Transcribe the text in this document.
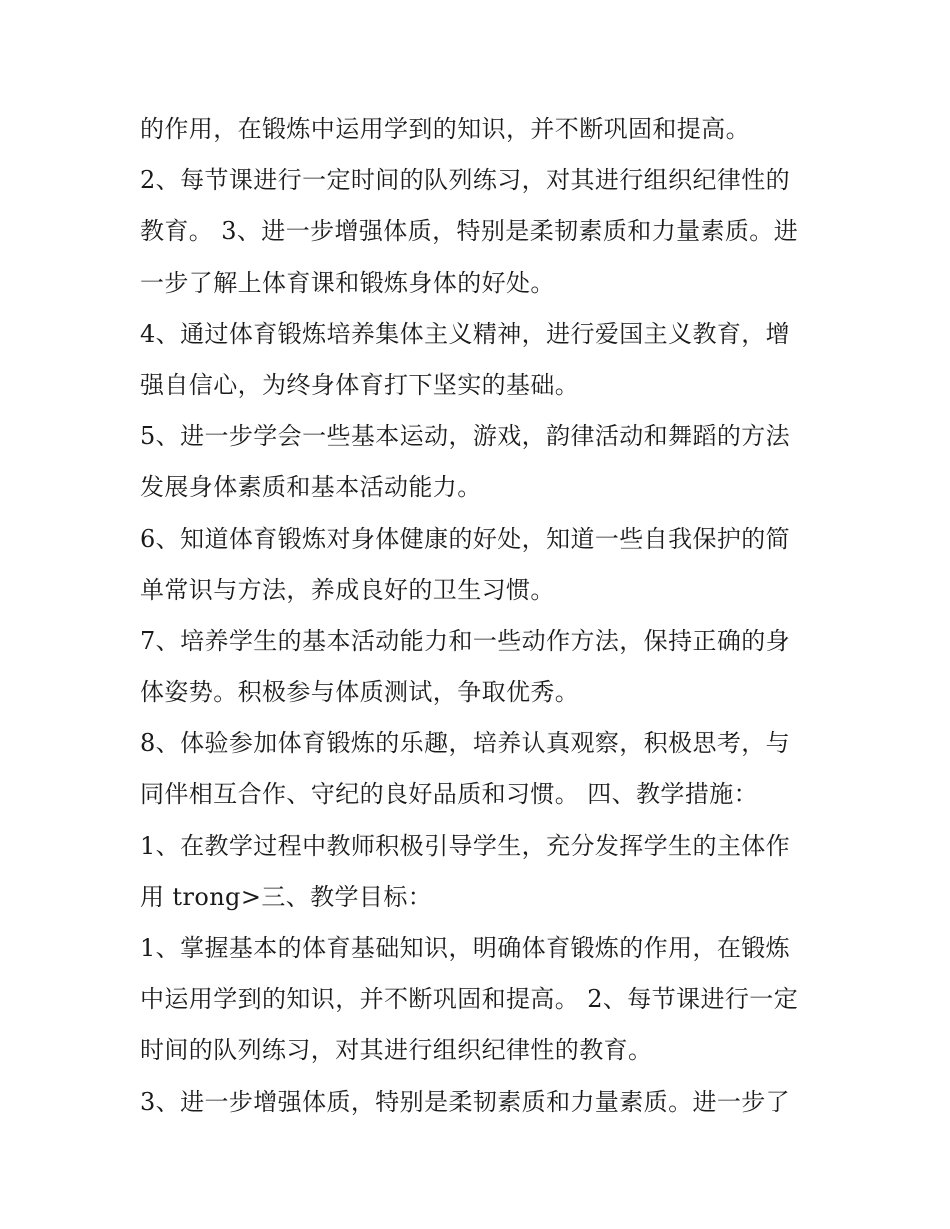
的作用，在锻炼中运用学到的知识，并不断巩固和提高。
2、每节课进行一定时间的队列练习，对其进行组织纪律性的
教育。 3、进一步增强体质，特别是柔韧素质和力量素质。进
一步了解上体育课和锻炼身体的好处。
4、通过体育锻炼培养集体主义精神，进行爱国主义教育，增
强自信心，为终身体育打下坚实的基础。
5、进一步学会一些基本运动，游戏，韵律活动和舞蹈的方法
发展身体素质和基本活动能力。
6、知道体育锻炼对身体健康的好处，知道一些自我保护的简
单常识与方法，养成良好的卫生习惯。
7、培养学生的基本活动能力和一些动作方法，保持正确的身
体姿势。积极参与体质测试，争取优秀。
8、体验参加体育锻炼的乐趣，培养认真观察，积极思考，与
同伴相互合作、守纪的良好品质和习惯。 四、教学措施：
1、在教学过程中教师积极引导学生，充分发挥学生的主体作
用 trong>三、教学目标：
1、掌握基本的体育基础知识，明确体育锻炼的作用，在锻炼
中运用学到的知识，并不断巩固和提高。 2、每节课进行一定
时间的队列练习，对其进行组织纪律性的教育。
3、进一步增强体质，特别是柔韧素质和力量素质。进一步了
